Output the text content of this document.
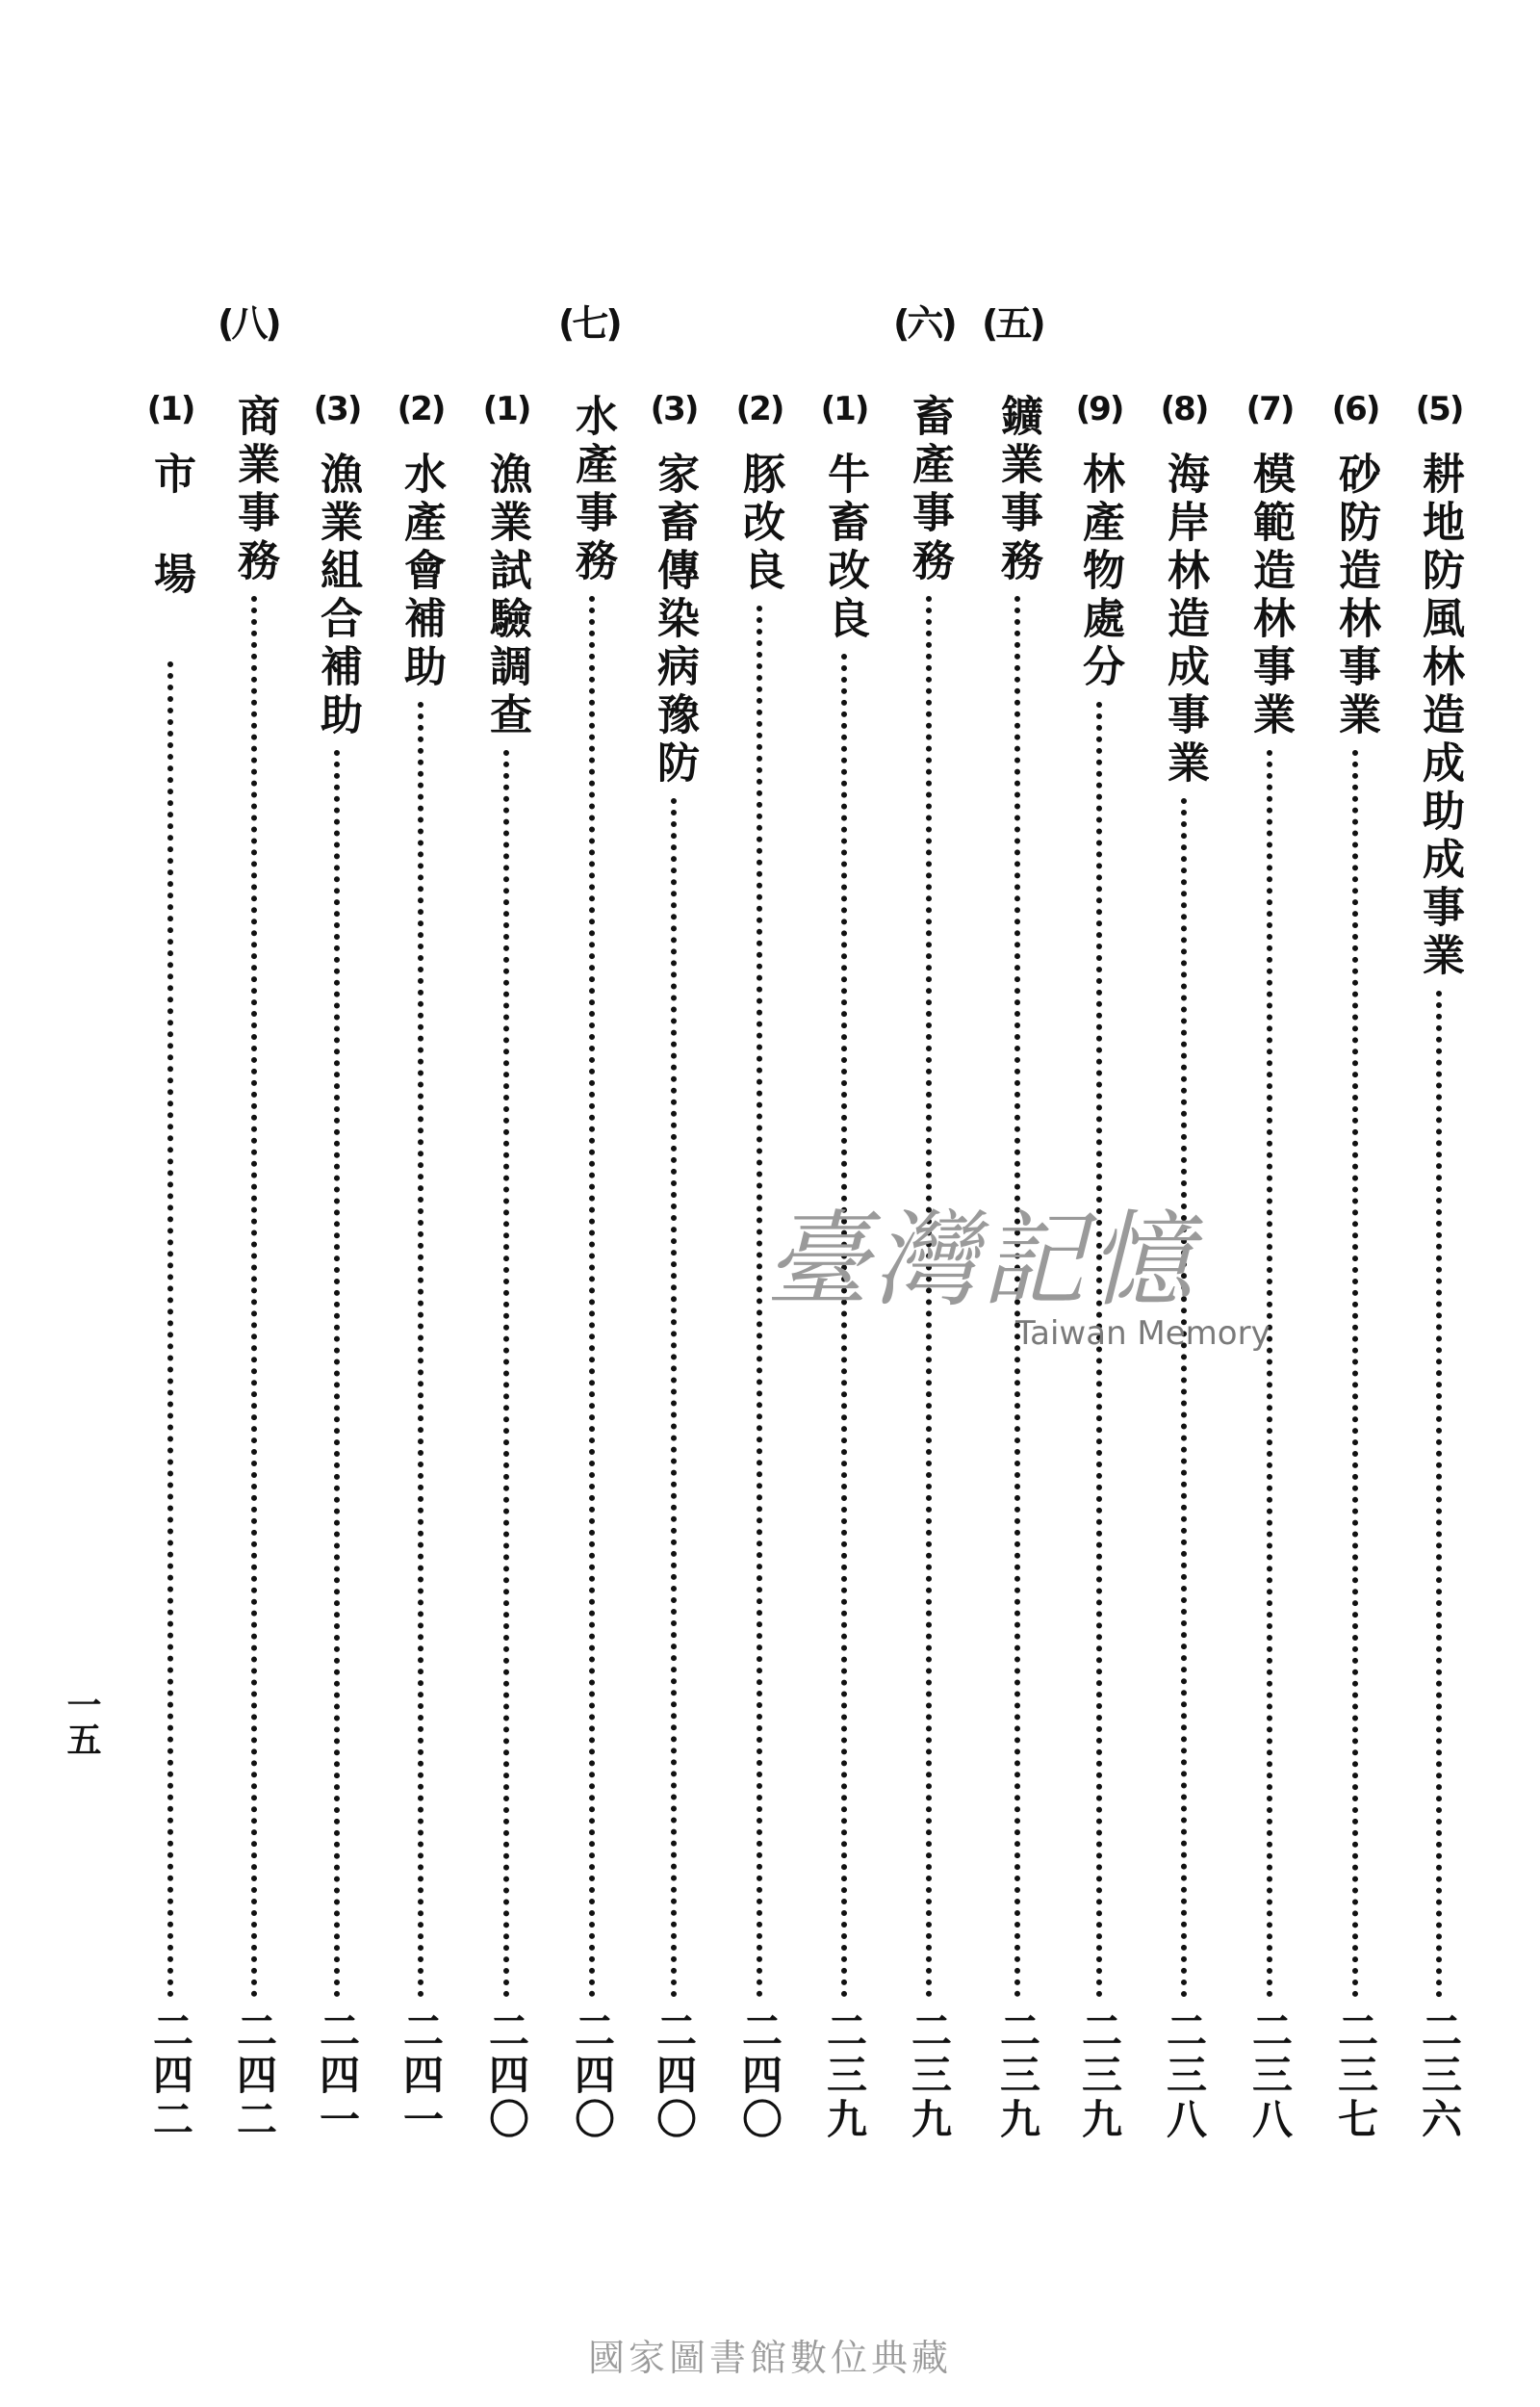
(五)
(六)
(七)
(八)
(5)
耕地防風林造成助成事業
二三六
(6)
砂防造林事業
二三七
(7)
模範造林事業
二三八
(8)
海岸林造成事業
二三八
(9)
林產物處分
二三九
鑛業事務
二三九
畜產事務
二三九
(1)
牛畜改良
二三九
(2)
豚改良
二四〇
(3)
家畜傳染病豫防
二四〇
水產事務
二四〇
(1)
漁業試驗調查
二四〇
(2)
水產會補助
二四一
(3)
漁業組合補助
二四一
商業事務
二四二
(1)
市場
二四二
一五
臺灣記憶
Taiwan Memory
國家圖書館數位典藏
